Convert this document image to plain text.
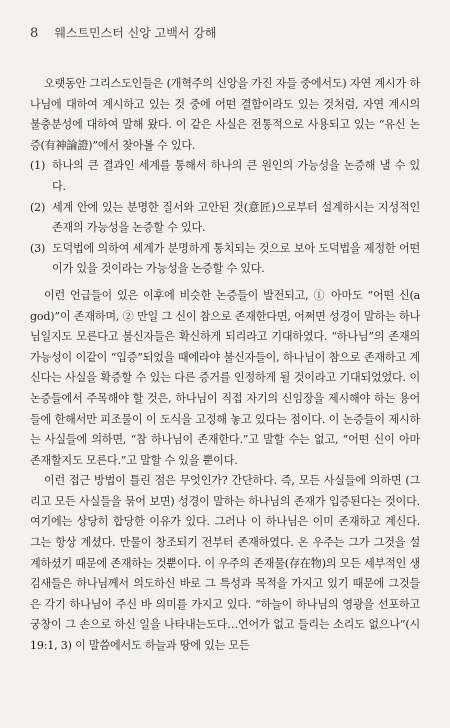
8 웨스트민스터 신앙 고백서 강해

오랫동안 그리스도인들은 (개혁주의 신앙을 가진 자들 중에서도) 자연 계시가 하나님에 대하여 계시하고 있는 것 중에 어떤 결함이라도 있는 것처럼, 자연 계시의 불충분성에 대하여 말해 왔다. 이 같은 사실은 전통적으로 사용되고 있는 “유신 논증(有神論證)”에서 찾아볼 수 있다.

(1) 하나의 큰 결과인 세계를 통해서 하나의 큰 원인의 가능성을 논증해 낼 수 있다.
(2) 세계 안에 있는 분명한 질서와 고안된 것(意匠)으로부터 설계하시는 지성적인 존재의 가능성을 논증할 수 있다.
(3) 도덕법에 의하여 세계가 분명하게 통치되는 것으로 보아 도덕법을 제정한 어떤 이가 있을 것이라는 가능성을 논증할 수 있다.

이런 언급들이 있은 이후에 비슷한 논증들이 발전되고, ① 아마도 “어떤 신(a god)”이 존재하며, ② 만일 그 신이 참으로 존재한다면, 어쩌면 성경이 말하는 하나님일지도 모른다고 불신자들은 확신하게 되리라고 기대하였다. “하나님”의 존재의 가능성이 이같이 “입증”되었을 때에라야 불신자들이, 하나님이 참으로 존재하고 계신다는 사실을 확증할 수 있는 다른 증거를 인정하게 될 것이라고 기대되었었다. 이 논증들에서 주목해야 할 것은, 하나님이 직접 자기의 신임장을 제시해야 하는 용어들에 한해서만 피조물이 이 도식을 고정해 놓고 있다는 점이다. 이 논증들이 제시하는 사실들에 의하면, “참 하나님이 존재한다.”고 말할 수는 없고, “어떤 신이 아마 존재할지도 모른다.”고 말할 수 있을 뿐이다.

이런 접근 방법이 틀린 점은 무엇인가? 간단하다. 즉, 모든 사실들에 의하면 (그리고 모든 사실들을 묶어 보면) 성경이 말하는 하나님의 존재가 입증된다는 것이다. 여기에는 상당히 합당한 이유가 있다. 그러나 이 하나님은 이미 존재하고 계신다. 그는 항상 계셨다. 만물이 창조되기 전부터 존재하였다. 온 우주는 그가 그것을 설계하셨기 때문에 존재하는 것뿐이다. 이 우주의 존재물(存在物)의 모든 세부적인 생김새들은 하나님께서 의도하신 바로 그 특성과 목적을 가지고 있기 때문에 그것들은 각기 하나님이 주신 바 의미를 가지고 있다. “하늘이 하나님의 영광을 선포하고 궁창이 그 손으로 하신 일을 나타내는도다…언어가 없고 들리는 소리도 없으나”(시 19:1, 3) 이 말씀에서도 하늘과 땅에 있는 모든
